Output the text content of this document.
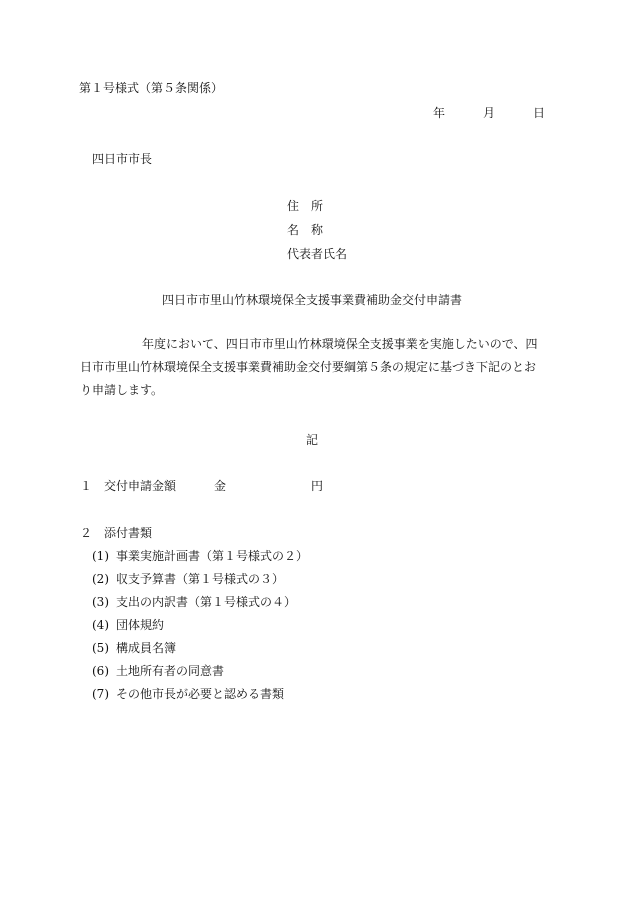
第１号様式（第５条関係）
年	月	日
四日市市長
住　所
名　称
代表者氏名
四日市市里山竹林環境保全支援事業費補助金交付申請書
年度において、四日市市里山竹林環境保全支援事業を実施したいので、四
日市市里山竹林環境保全支援事業費補助金交付要綱第５条の規定に基づき下記のとお
り申請します。
記
１ 交付申請金額	金	円
２ 添付書類
(1) 事業実施計画書（第１号様式の２）
(2) 収支予算書（第１号様式の３）
(3) 支出の内訳書（第１号様式の４）
(4) 団体規約
(5) 構成員名簿
(6) 土地所有者の同意書
(7) その他市長が必要と認める書類
